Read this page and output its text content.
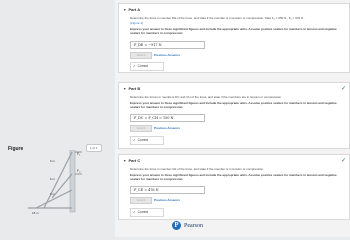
Figure	1 of 1
F₁
F₂
6 m
6 m
6 m
18 m
▼ Part A
Determine the force in member DE of the truss, and state if the member is in tension or compression. Take F₁ = 650 N , F₂ = 670 N .
(Figure 1)
Express your answer to three significant figures and include the appropriate units. Assume positive scalars for members in tension and negative scalars for members in compression.
F_DE = −917 N
Submit	Previous Answers
✓ Correct
▼ Part B	✓
Determine the forces in members DC and CH of the truss, and state if the members are in tension or compression.
Express your answer to three significant figures and include the appropriate units. Assume positive scalars for members in tension and negative scalars for members in compression.
F_DC = F_CH = 150 N
Submit	Previous Answers
✓ Correct
▼ Part C	✓
Determine the force in member CE of the truss, and state if the member is in tension or compression.
Express your answer to three significant figures and include the appropriate units. Assume positive scalars for members in tension and negative scalars for members in compression.
F_CE = 476 N
Submit	Previous Answers
✓ Correct
P Pearson
